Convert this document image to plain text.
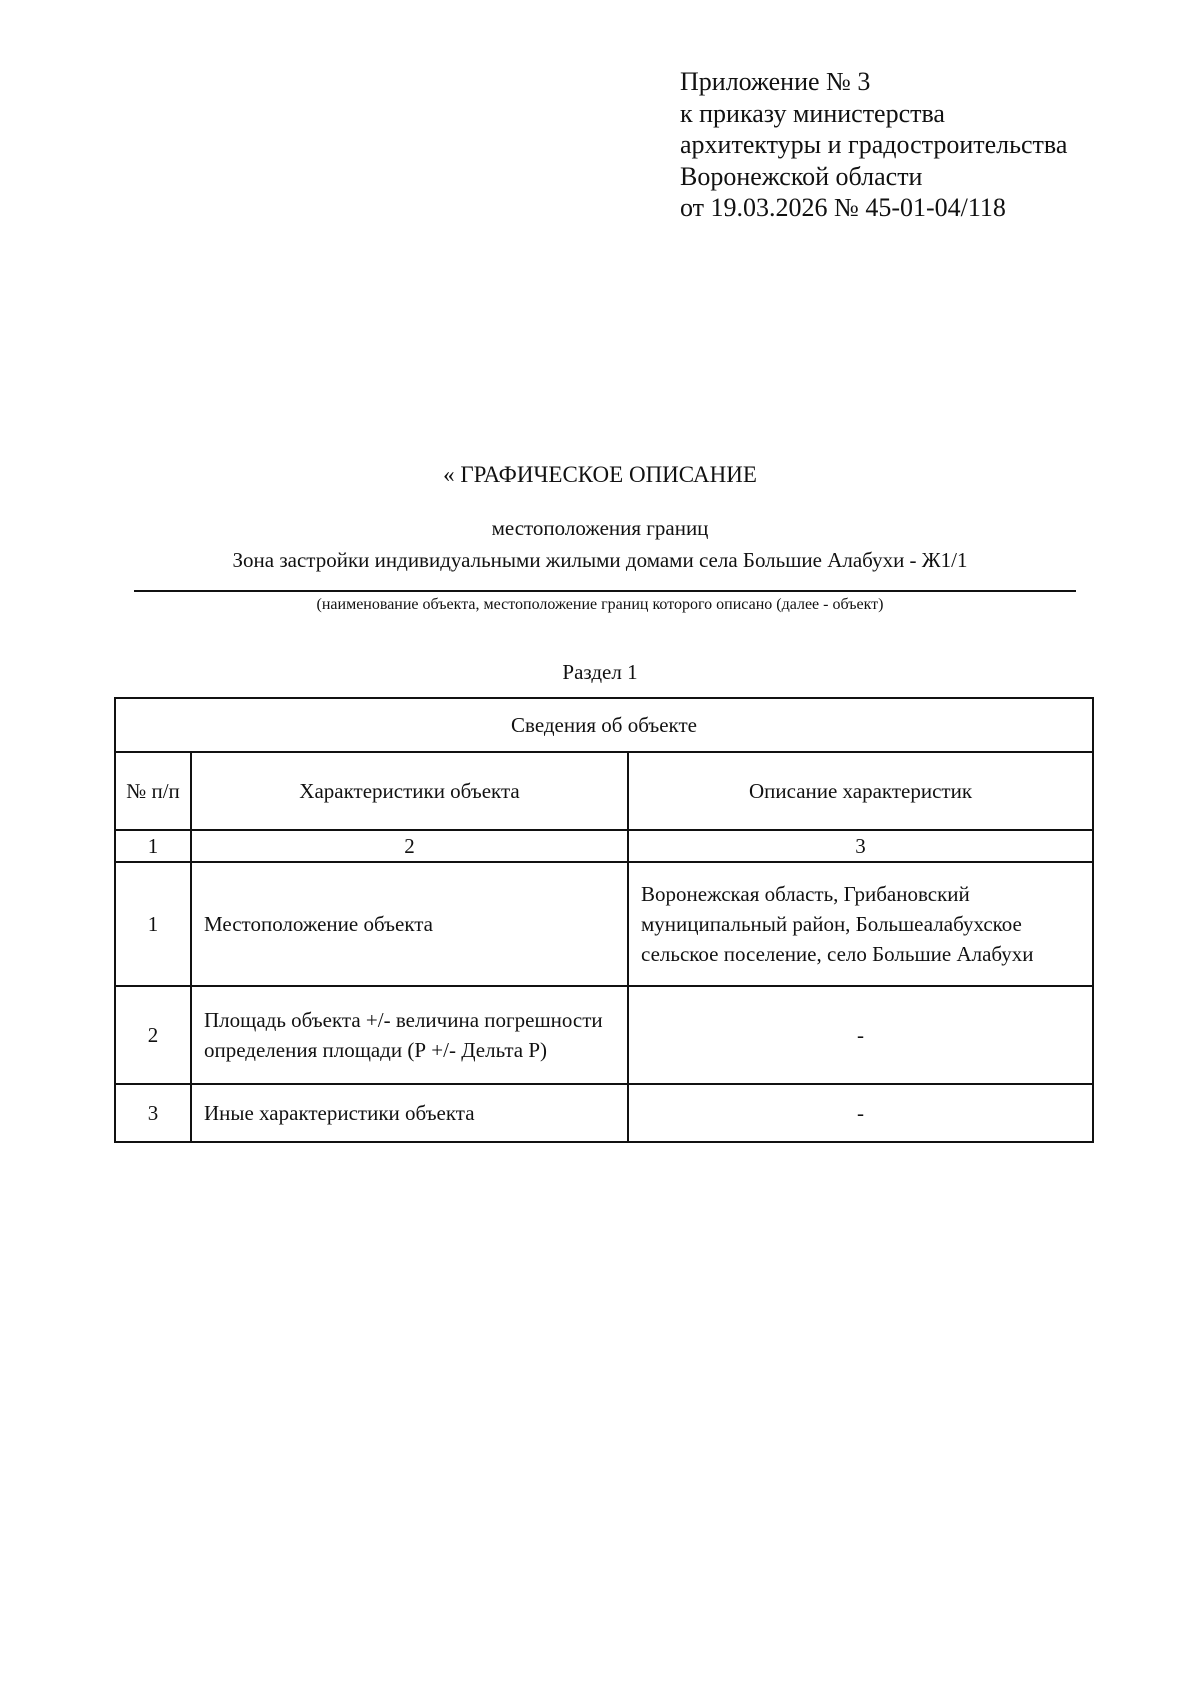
Приложение № 3
к приказу министерства
архитектуры и градостроительства
Воронежской области
от 19.03.2026 № 45-01-04/118
« ГРАФИЧЕСКОЕ ОПИСАНИЕ
местоположения границ
Зона застройки индивидуальными жилыми домами села Большие Алабухи - Ж1/1
(наименование объекта, местоположение границ которого описано (далее - объект)
Раздел 1
Сведения об объекте		
№ п/п	Характеристики объекта	Описание характеристик
1	2	3
1	Местоположение объекта	Воронежская область, Грибановский муниципальный район, Большеалабухское сельское поселение, село Большие Алабухи
2	Площадь объекта +/- величина погрешности определения площади (Р +/- Дельта Р)	-
3	Иные характеристики объекта	-
